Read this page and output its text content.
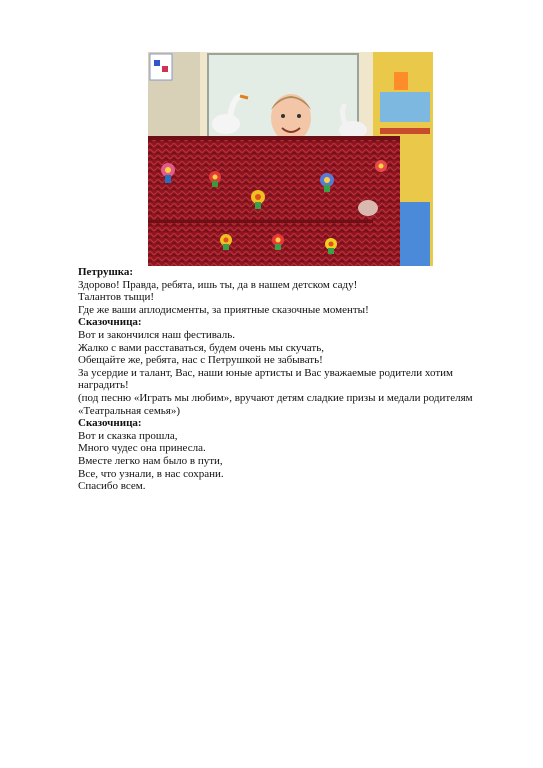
Петрушка:
Здорово! Правда, ребята, ишь ты, да в нашем детском саду!
Талантов тыщи!
Где же ваши аплодисменты, за приятные сказочные моменты!
Сказочница:
Вот и закончился наш фестиваль.
Жалко с вами расставаться, будем очень мы скучать,
Обещайте же, ребята, нас с Петрушкой не забывать!
За усердие и талант, Вас, наши юные артисты и Вас уважаемые родители хотим
наградить!
(под песню «Играть мы любим», вручают детям сладкие призы и медали родителям
«Театральная семья»)
Сказочница:
Вот и сказка прошла,
Много чудес она принесла.
Вместе легко нам было в пути,
Все, что узнали, в нас сохрани.
Спасибо всем.
